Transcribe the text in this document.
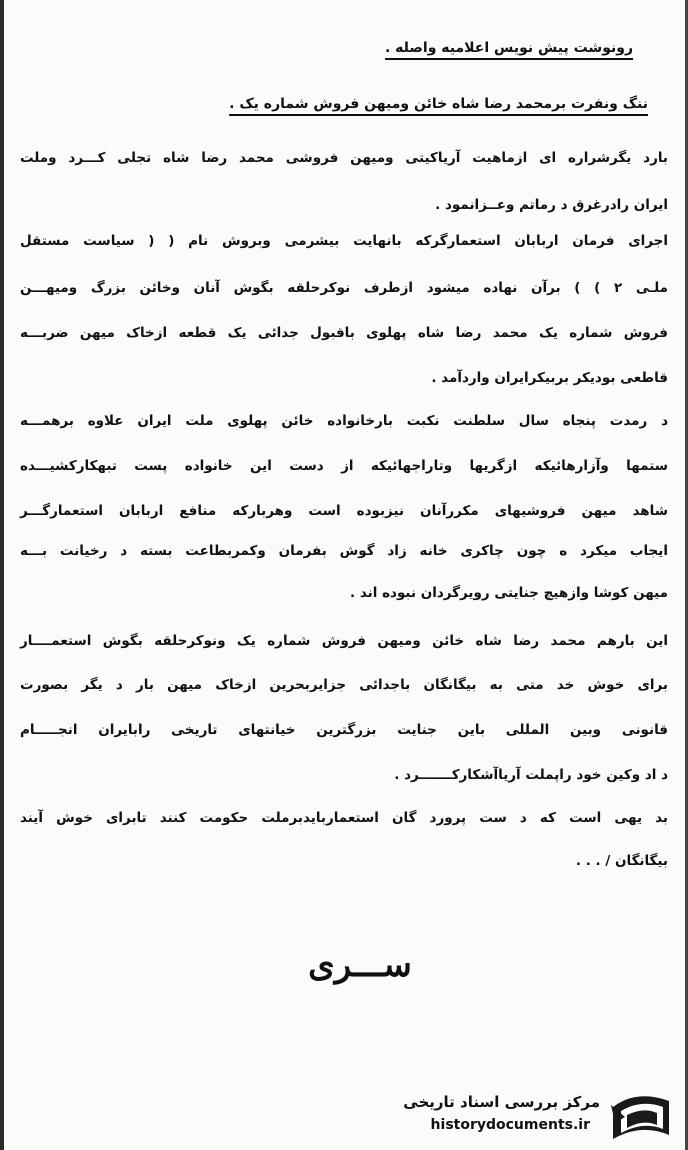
رونوشت پیش نویس اعلامیه واصله .
ننگ ونفرت برمحمد رضا شاه خائن ومیهن فروش شماره یک .
بارد یگرشراره ای ازماهیت آریاکیتی ومیهن فروشی محمد رضا شاه تجلی کـــرد وملت
ایران رادرغرق د رماتم وعــزانمود .
اجرای فرمان اربابان استعمارگرکه بانهایت بیشرمی وبروش نام ( ( سیاست مستقل
ملـی ۲ ) ) برآن نهاده میشود ازطرف نوکرحلقه بگوش آنان وخائن بزرگ ومیهـــن
فروش شماره یک محمد رضا شاه پهلوی باقبول جدائی یک قطعه ازخاک میهن ضربـــه
قاطعی بودیکر بربیکرایران واردآمد .
د رمدت پنجاه سال سلطنت نکبت بارخانواده خائن پهلوی ملت ایران علاوه برهمـــه
ستمها وآزارهائیکه ازگریها وتاراجهائیکه از دست این خانواده پست تبهکارکشیـــده
شاهد میهن فروشیهای مکررآنان نیزبوده است وهربارکه منافع اربابان استعمارگـــر
ایجاب میکرد ه چون چاکری خانه زاد گوش بفرمان وکمربطاعت بسته د رخیانت بـــه
میهن کوشا وازهیچ جنایتی رویرگردان نبوده اند .
این بارهم محمد رضا شاه خائن ومیهن فروش شماره یک ونوکرحلقه بگوش استعمــــار
برای خوش خد متی به بیگانگان باجدائی جزایربحرین ازخاک میهن بار د یگر بصورت
قانونی وبین المللی باین جنایت بزرگترین خیانتهای تاریخی رابایران انجـــــام
د اد وکین خود راپملت آریاآشکارکـــــــرد .
بد یهی است که د ست پرورد گان استعماربایدبرملت حکومت کنند تابرای خوش آیند
بیگانگان / . . .
ســـرى
مرکز بررسی اسناد تاریخی
historydocuments.ir
